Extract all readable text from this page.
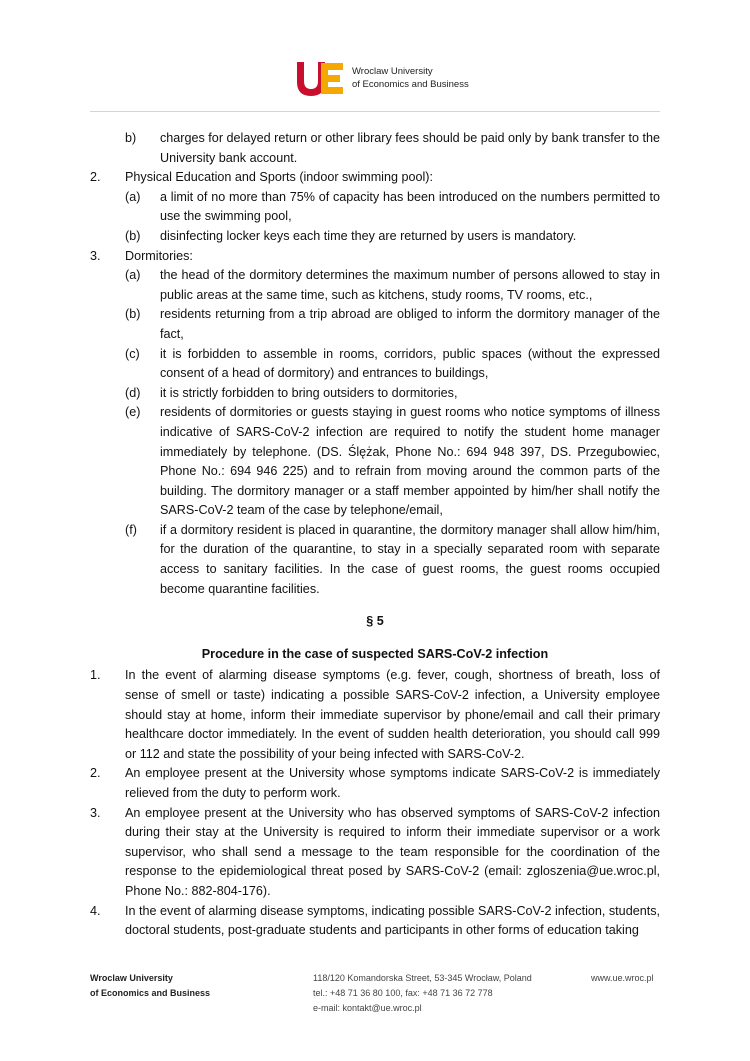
Wroclaw University
of Economics and Business
b)	charges for delayed return or other library fees should be paid only by bank transfer to the University bank account.
2.	Physical Education and Sports (indoor swimming pool):
(a)	a limit of no more than 75% of capacity has been introduced on the numbers permitted to use the swimming pool,
(b)	disinfecting locker keys each time they are returned by users is mandatory.
3.	Dormitories:
(a)	the head of the dormitory determines the maximum number of persons allowed to stay in public areas at the same time, such as kitchens, study rooms, TV rooms, etc.,
(b)	residents returning from a trip abroad are obliged to inform the dormitory manager of the fact,
(c)	it is forbidden to assemble in rooms, corridors, public spaces (without the expressed consent of a head of dormitory) and entrances to buildings,
(d)	it is strictly forbidden to bring outsiders to dormitories,
(e)	residents of dormitories or guests staying in guest rooms who notice symptoms of illness indicative of SARS-CoV-2 infection are required to notify the student home manager immediately by telephone. (DS. Ślężak, Phone No.: 694 948 397, DS. Przegubowiec, Phone No.: 694 946 225) and to refrain from moving around the common parts of the building. The dormitory manager or a staff member appointed by him/her shall notify the SARS-CoV-2 team of the case by telephone/email,
(f)	if a dormitory resident is placed in quarantine, the dormitory manager shall allow him/him, for the duration of the quarantine, to stay in a specially separated room with separate access to sanitary facilities. In the case of guest rooms, the guest rooms occupied become quarantine facilities.
§ 5
Procedure in the case of suspected SARS-CoV-2 infection
1.	In the event of alarming disease symptoms (e.g. fever, cough, shortness of breath, loss of sense of smell or taste) indicating a possible SARS-CoV-2 infection, a University employee should stay at home, inform their immediate supervisor by phone/email and call their primary healthcare doctor immediately. In the event of sudden health deterioration, you should call 999 or 112 and state the possibility of your being infected with SARS-CoV-2.
2.	An employee present at the University whose symptoms indicate SARS-CoV-2 is immediately relieved from the duty to perform work.
3.	An employee present at the University who has observed symptoms of SARS-CoV-2 infection during their stay at the University is required to inform their immediate supervisor or a work supervisor, who shall send a message to the team responsible for the coordination of the response to the epidemiological threat posed by SARS-CoV-2 (email: zgloszenia@ue.wroc.pl, Phone No.: 882-804-176).
4.	In the event of alarming disease symptoms, indicating possible SARS-CoV-2 infection, students, doctoral students, post-graduate students and participants in other forms of education taking
Wroclaw University
of Economics and Business
118/120 Komandorska Street, 53-345 Wrocław, Poland
tel.: +48 71 36 80 100, fax: +48 71 36 72 778
e-mail: kontakt@ue.wroc.pl
www.ue.wroc.pl
